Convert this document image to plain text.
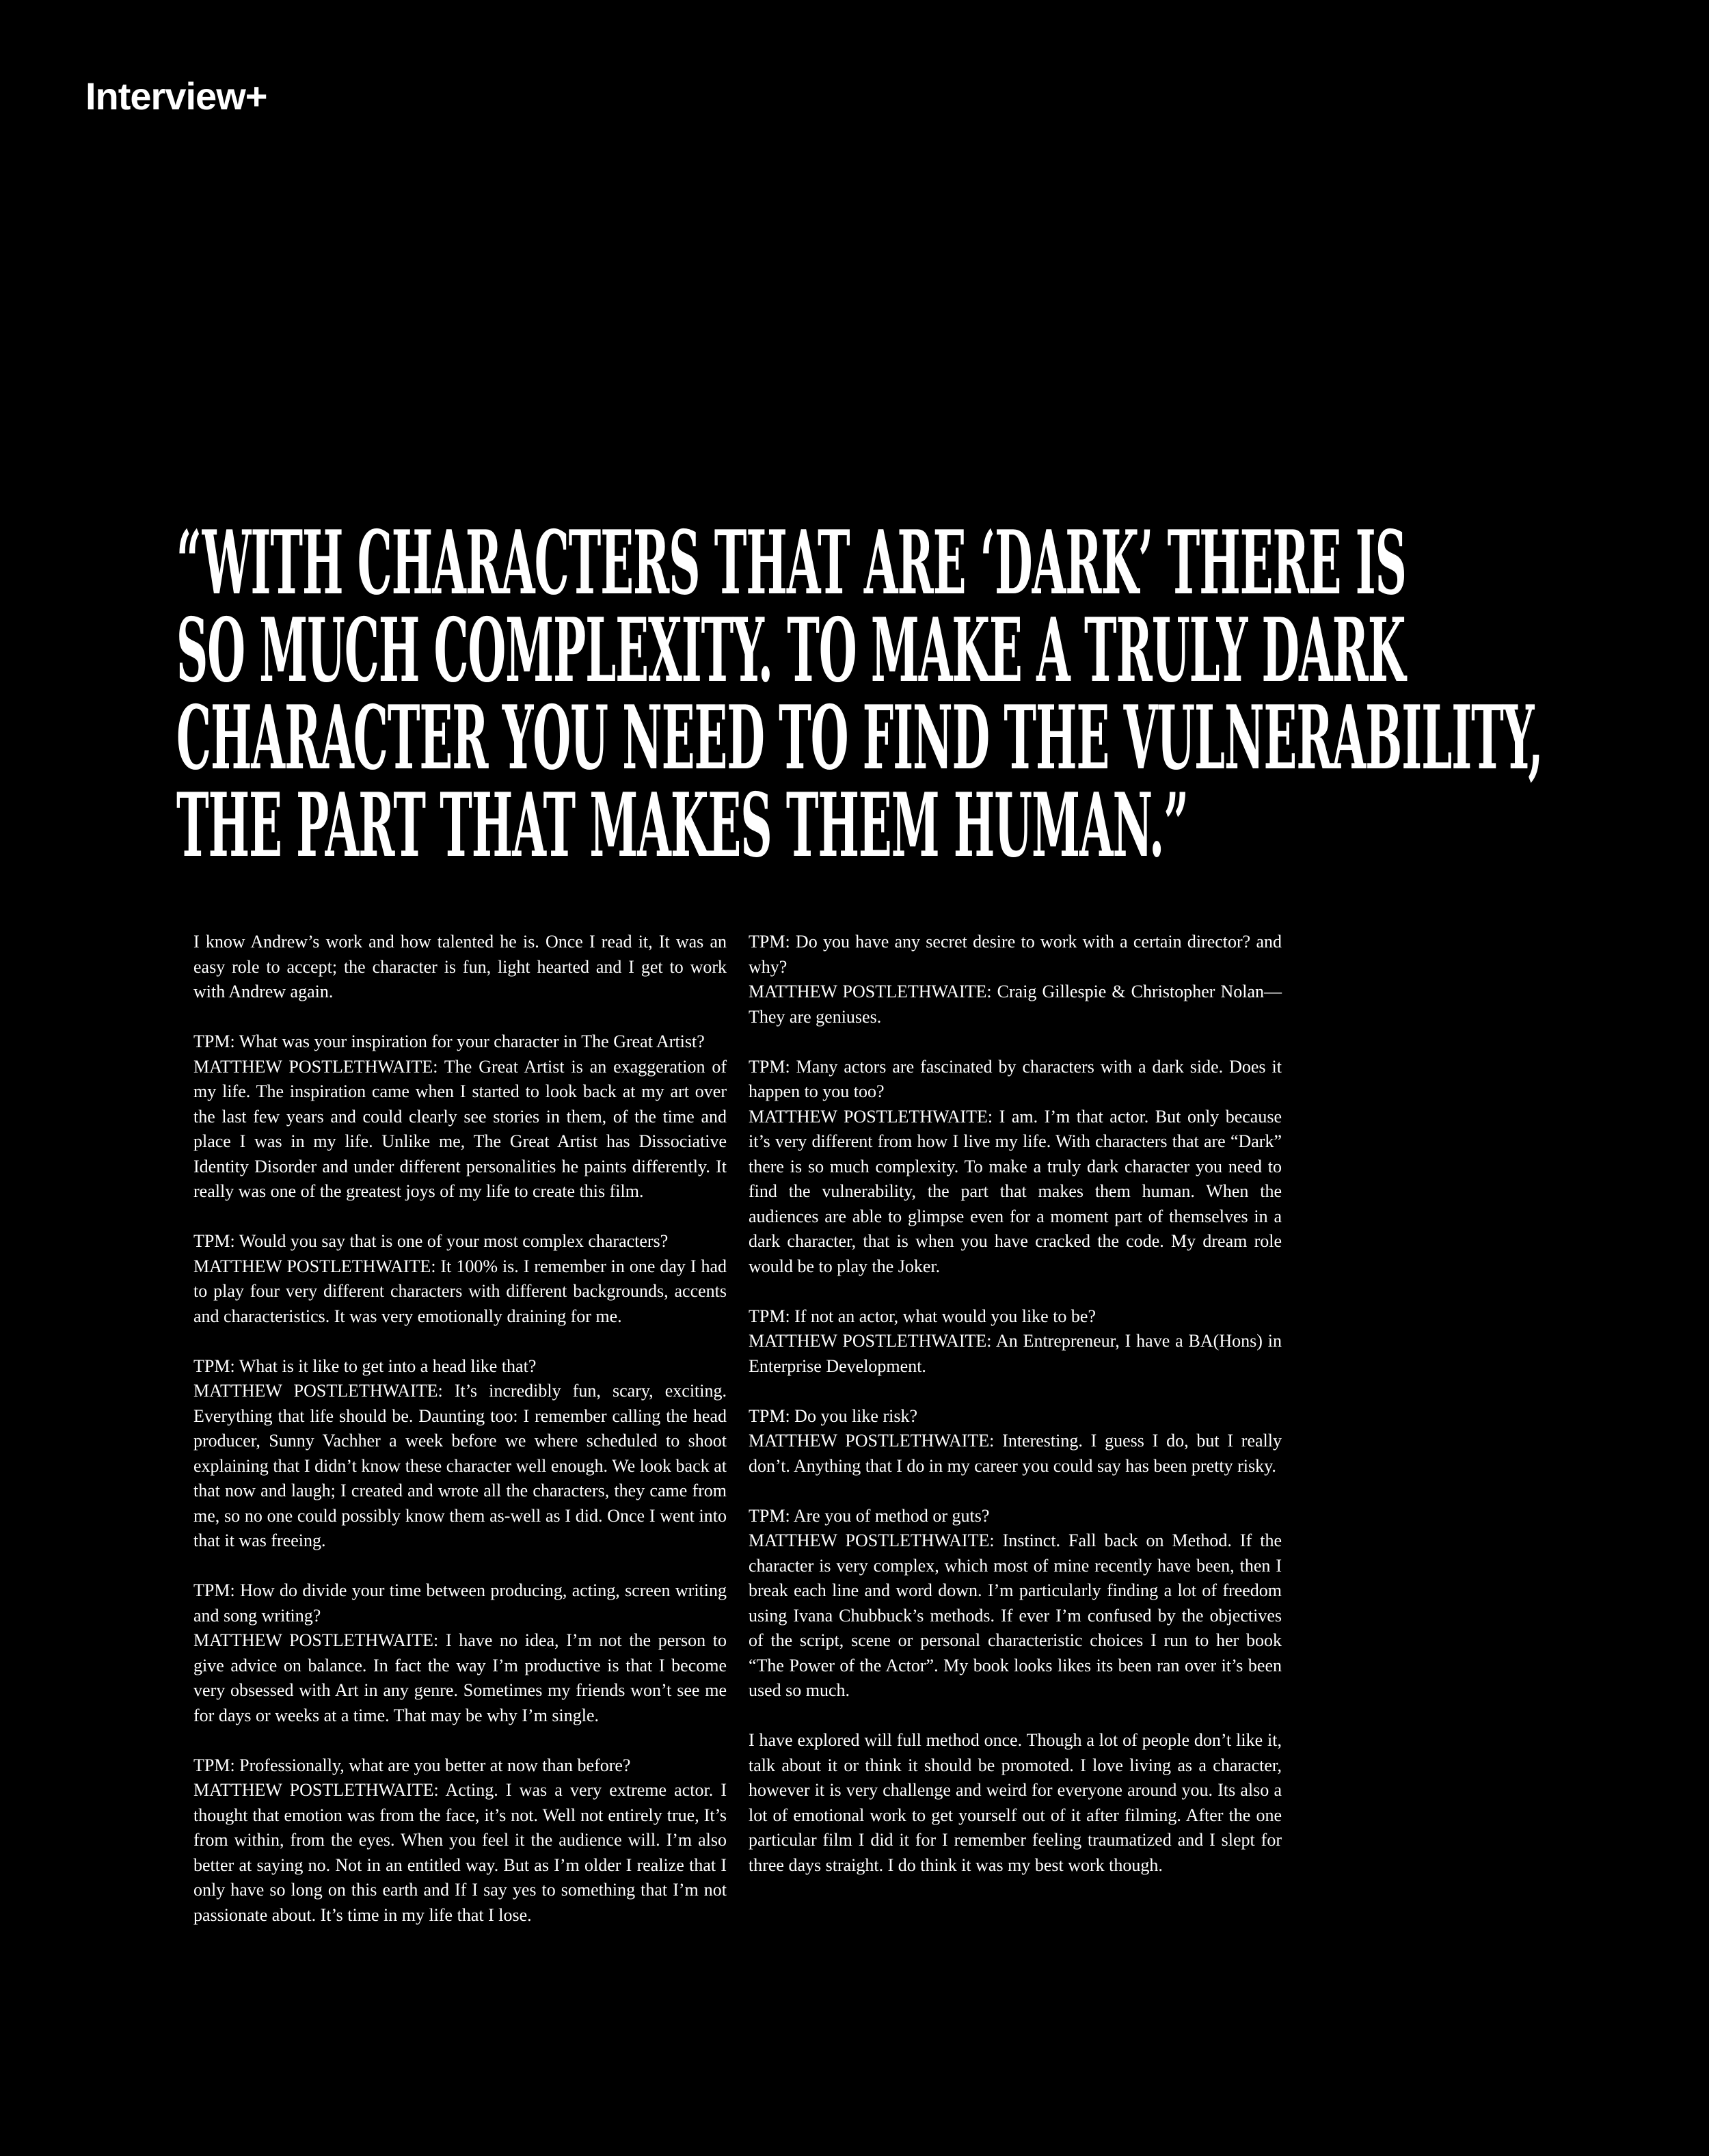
Interview+
“WITH CHARACTERS THAT ARE ‘DARK’ THERE IS
SO MUCH COMPLEXITY. TO MAKE A TRULY DARK
CHARACTER YOU NEED TO FIND THE VULNERABILITY,
THE PART THAT MAKES THEM HUMAN.”

I know Andrew’s work and how talented he is. Once I read it, It was an easy role to accept; the character is fun, light hearted and I get to work with Andrew again.

TPM: What was your inspiration for your character in The Great Artist?
MATTHEW POSTLETHWAITE: The Great Artist is an exaggeration of my life. The inspiration came when I started to look back at my art over the last few years and could clearly see stories in them, of the time and place I was in my life. Unlike me, The Great Artist has Dissociative Identity Disorder and under different personalities he paints differently. It really was one of the greatest joys of my life to create this film.

TPM: Would you say that is one of your most complex characters?
MATTHEW POSTLETHWAITE: It 100% is. I remember in one day I had to play four very different characters with different backgrounds, accents and characteristics. It was very emotionally draining for me.

TPM: What is it like to get into a head like that?
MATTHEW POSTLETHWAITE: It’s incredibly fun, scary, exciting. Everything that life should be. Daunting too: I remember calling the head producer, Sunny Vachher a week before we where scheduled to shoot explaining that I didn’t know these character well enough. We look back at that now and laugh; I created and wrote all the characters, they came from me, so no one could possibly know them as-well as I did. Once I went into that it was freeing.

TPM: How do divide your time between producing, acting, screen writing and song writing?
MATTHEW POSTLETHWAITE: I have no idea, I’m not the person to give advice on balance. In fact the way I’m productive is that I become very obsessed with Art in any genre. Sometimes my friends won’t see me for days or weeks at a time. That may be why I’m single.

TPM: Professionally, what are you better at now than before?
MATTHEW POSTLETHWAITE: Acting. I was a very extreme actor. I thought that emotion was from the face, it’s not. Well not entirely true, It’s from within, from the eyes. When you feel it the audience will. I’m also better at saying no. Not in an entitled way. But as I’m older I realize that I only have so long on this earth and If I say yes to something that I’m not passionate about. It’s time in my life that I lose.

TPM: Do you have any secret desire to work with a certain director? and why?
MATTHEW POSTLETHWAITE: Craig Gillespie & Christopher Nolan—They are geniuses.

TPM: Many actors are fascinated by characters with a dark side. Does it happen to you too?
MATTHEW POSTLETHWAITE: I am. I’m that actor. But only because it’s very different from how I live my life. With characters that are “Dark” there is so much complexity. To make a truly dark character you need to find the vulnerability, the part that makes them human. When the audiences are able to glimpse even for a moment part of themselves in a dark character, that is when you have cracked the code. My dream role would be to play the Joker.

TPM: If not an actor, what would you like to be?
MATTHEW POSTLETHWAITE: An Entrepreneur, I have a BA(Hons) in Enterprise Development.

TPM: Do you like risk?
MATTHEW POSTLETHWAITE: Interesting. I guess I do, but I really don’t. Anything that I do in my career you could say has been pretty risky.

TPM: Are you of method or guts?
MATTHEW POSTLETHWAITE: Instinct. Fall back on Method. If the character is very complex, which most of mine recently have been, then I break each line and word down. I’m particularly finding a lot of freedom using Ivana Chubbuck’s methods. If ever I’m confused by the objectives of the script, scene or personal characteristic choices I run to her book “The Power of the Actor”. My book looks likes its been ran over it’s been used so much.

I have explored will full method once. Though a lot of people don’t like it, talk about it or think it should be promoted. I love living as a character, however it is very challenge and weird for everyone around you. Its also a lot of emotional work to get yourself out of it after filming. After the one particular film I did it for I remember feeling traumatized and I slept for three days straight. I do think it was my best work though.
